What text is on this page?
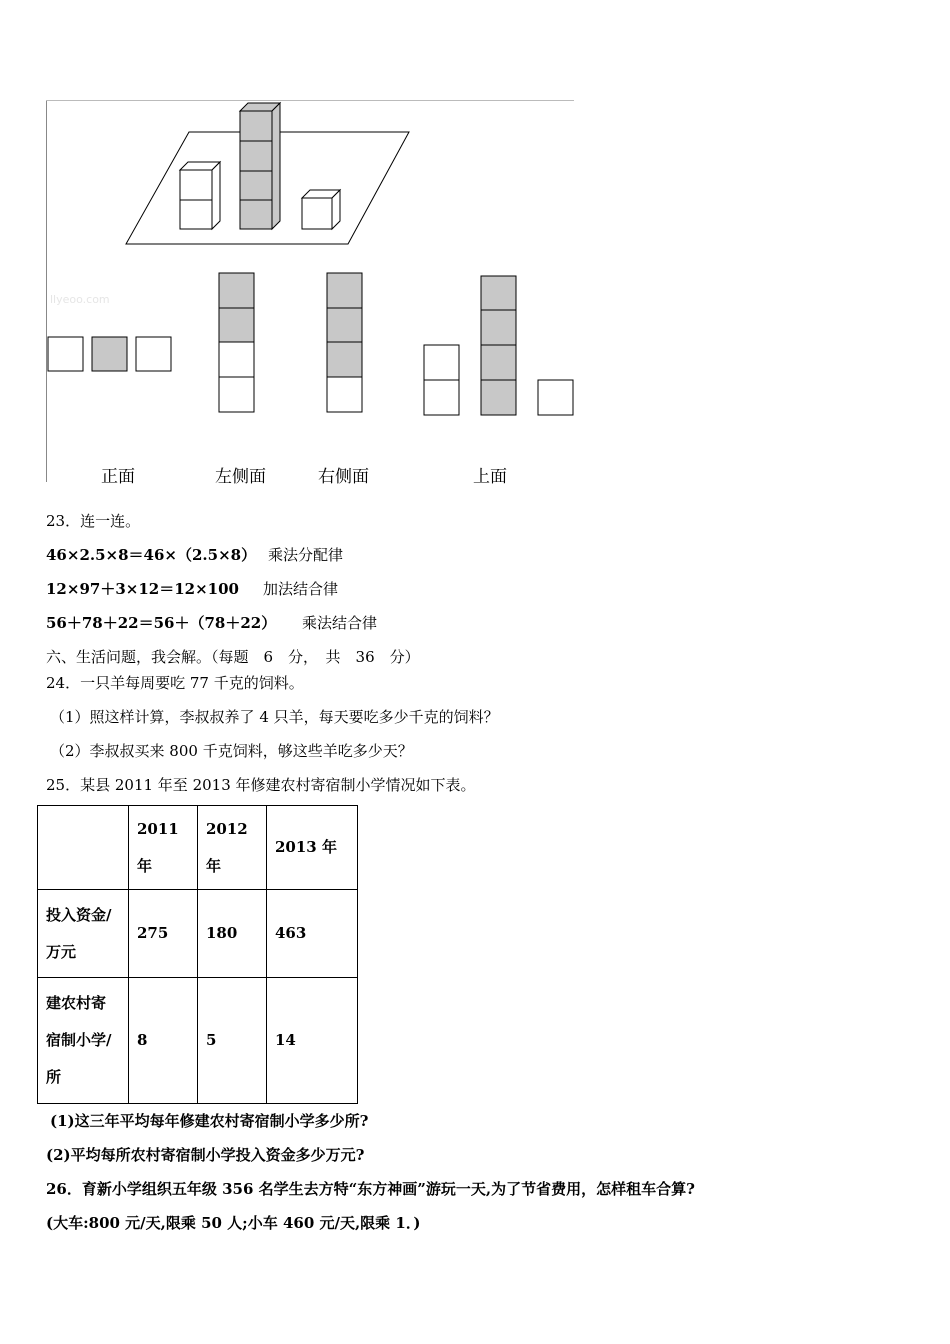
llyeoo.com
正面	左侧面	右侧面	上面
23．连一连。
46×2.5×8＝46×（2.5×8） 乘法分配律
12×97＋3×12＝12×100 加法结合律
56＋78＋22＝56＋（78＋22） 乘法结合律
六、生活问题，我会解。（每题　6　分，　共　36　分）
24．一只羊每周要吃 77 千克的饲料。
（1）照这样计算，李叔叔养了 4 只羊，每天要吃多少千克的饲料？
（2）李叔叔买来 800 千克饲料，够这些羊吃多少天？
25．某县 2011 年至 2013 年修建农村寄宿制小学情况如下表。
	2011年	2012年	2013 年
投入资金/万元	275	180	463
建农村寄宿制小学/所	8	5	14
(1)这三年平均每年修建农村寄宿制小学多少所?
(2)平均每所农村寄宿制小学投入资金多少万元?
26．育新小学组织五年级 356 名学生去方特“东方神画”游玩一天,为了节省费用，怎样租车合算?
(大车:800 元/天,限乘 50 人;小车 460 元/天,限乘 1．)
